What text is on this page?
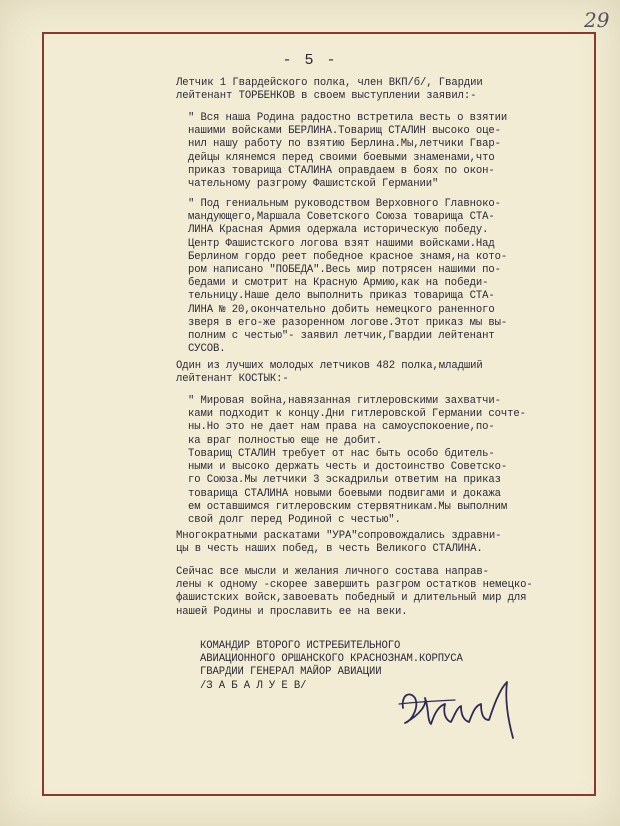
29
- 5 -
Летчик 1 Гвардейского полка, член ВКП/б/, Гвардии
лейтенант ТОРБЕНКОВ в своем выступлении заявил:-
" Вся наша Родина радостно встретила весть о взятии
нашими войсками БЕРЛИНА.Товарищ СТАЛИН высоко оце-
нил нашу работу по взятию Берлина.Мы,летчики Гвар-
дейцы клянемся перед своими боевыми знаменами,что
приказ товарища СТАЛИНА оправдаем в боях по окон-
чательному разгрому Фашистской Германии"
" Под гениальным руководством Верховного Главноко-
мандующего,Маршала Советского Союза товарища СТА-
ЛИНА Красная Армия одержала историческую победу.
Центр Фашистского логова взят нашими войсками.Над
Берлином гордо реет победное красное знамя,на кото-
ром написано "ПОБЕДА".Весь мир потрясен нашими по-
бедами и смотрит на Красную Армию,как на победи-
тельницу.Наше дело выполнить приказ товарища СТА-
ЛИНА № 20,окончательно добить немецкого раненного
зверя в его-же разоренном логове.Этот приказ мы вы-
полним с честью"- заявил летчик,Гвардии лейтенант
СУСОВ.
Один из лучших молодых летчиков 482 полка,младший
лейтенант КОСТЫК:-
" Мировая война,навязанная гитлеровскими захватчи-
ками подходит к концу.Дни гитлеровской Германии сочте-
ны.Но это не дает нам права на самоуспокоение,по-
ка враг полностью еще не добит.
Товарищ СТАЛИН требует от нас быть особо бдитель-
ными и высоко держать честь и достоинство Советско-
го Союза.Мы летчики 3 эскадрильи ответим на приказ
товарища СТАЛИНА новыми боевыми подвигами и докажа
ем оставшимся гитлеровским стервятникам.Мы выполним
свой долг перед Родиной с честью".
Многократными раскатами "УРА"сопровождались здравни-
цы в честь наших побед, в честь Великого СТАЛИНА.
Сейчас все мысли и желания личного состава направ-
лены к одному -скорее завершить разгром остатков немецко-
фашистских войск,завоевать победный и длительный мир для
нашей Родины и прославить ее на веки.
КОМАНДИР ВТОРОГО ИСТРЕБИТЕЛЬНОГО
АВИАЦИОННОГО ОРШАНСКОГО КРАСНОЗНАМ.КОРПУСА
ГВАРДИИ ГЕНЕРАЛ МАЙОР АВИАЦИИ
/З А Б А Л У Е В/
